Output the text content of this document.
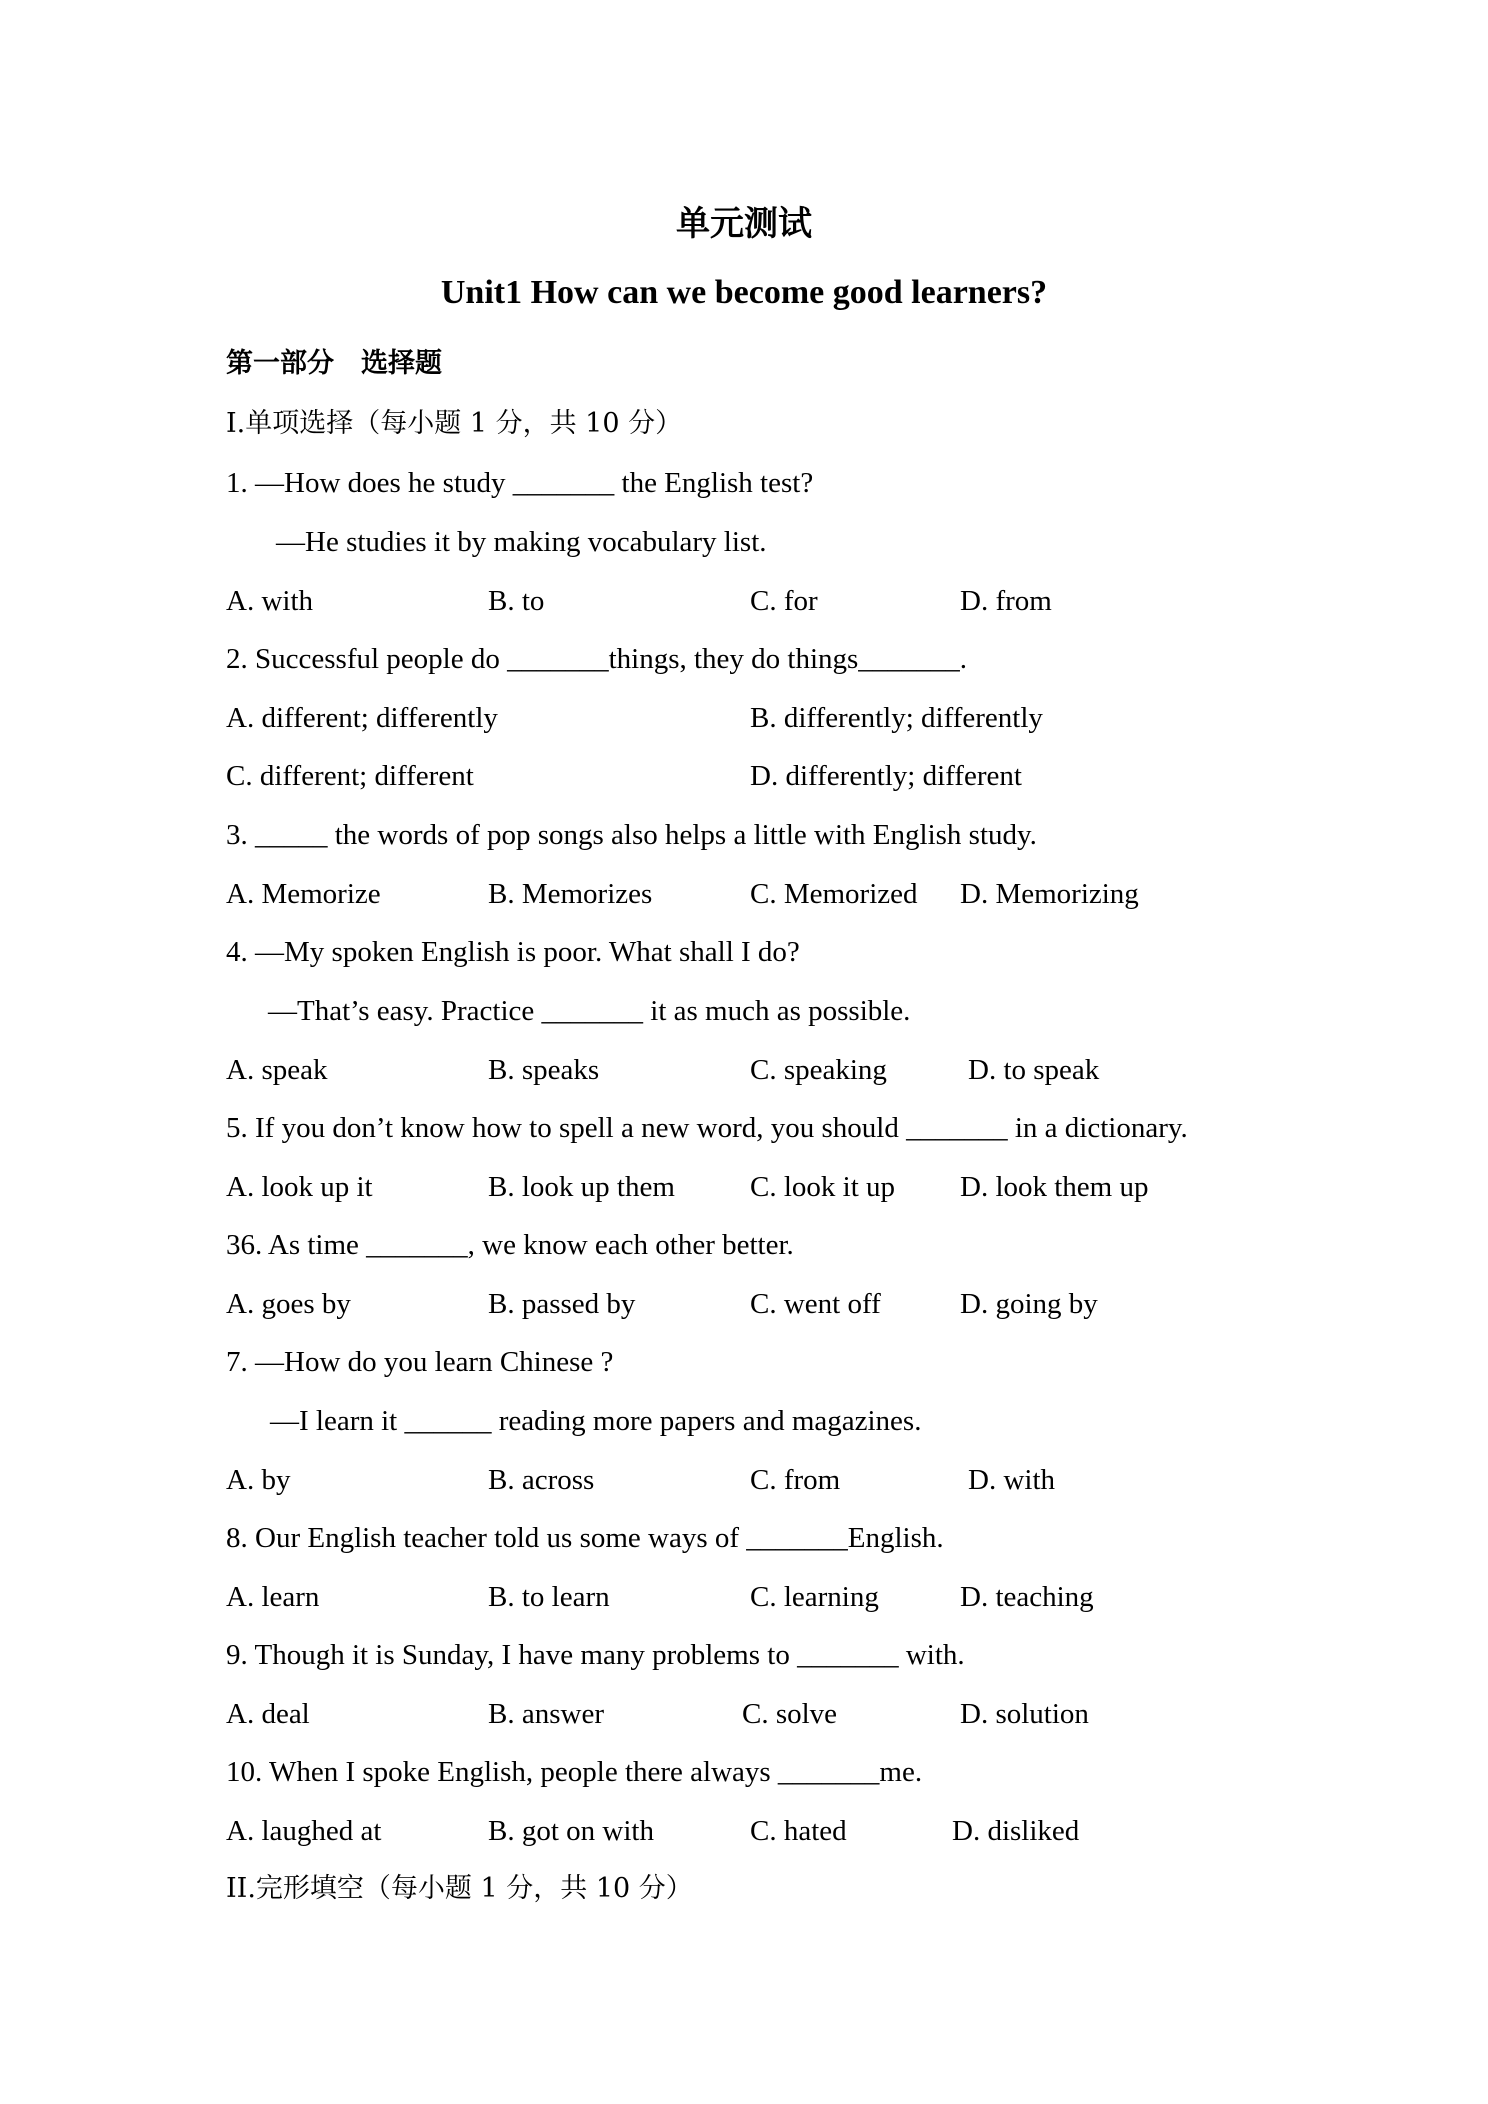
单元测试
Unit1 How can we become good learners?
第一部分　选择题
I.单项选择（每小题 1 分，共 10 分）
1. —How does he study _______ the English test?
—He studies it by making vocabulary list.
A. with	B. to	C. for	D. from
2. Successful people do _______things, they do things_______.
A. different; differently	B. differently; differently
C. different; different	D. differently; different
3. _____ the words of pop songs also helps a little with English study.
A. Memorize	B. Memorizes	C. Memorized D. Memorizing
4. —My spoken English is poor. What shall I do?
—That’s easy. Practice _______ it as much as possible.
A. speak	B. speaks	C. speaking	D. to speak
5. If you don’t know how to spell a new word, you should _______ in a dictionary.
A. look up it	B. look up them	C. look it up D. look them up
36. As time _______, we know each other better.
A. goes by	B. passed by	C. went off	D. going by
7. —How do you learn Chinese ?
—I learn it ______ reading more papers and magazines.
A. by	B. across	C. from	D. with
8. Our English teacher told us some ways of _______English.
A. learn	B. to learn	C. learning	D. teaching
9. Though it is Sunday, I have many problems to _______ with.
A. deal	B. answer	C. solve	D. solution
10. When I spoke English, people there always _______me.
A. laughed at	B. got on with	C. hated	D. disliked
II.完形填空（每小题 1 分，共 10 分）
